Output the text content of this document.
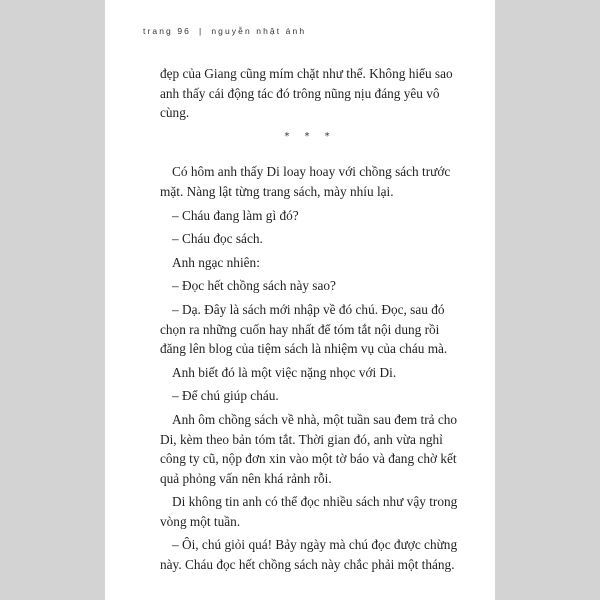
trang 96 | nguyễn nhật ánh

đẹp của Giang cũng mím chặt như thế. Không hiểu sao anh thấy cái động tác đó trông nũng nịu đáng yêu vô cùng.

* * *

Có hôm anh thấy Di loay hoay với chồng sách trước mặt. Nàng lật từng trang sách, mày nhíu lại.

– Cháu đang làm gì đó?

– Cháu đọc sách.

Anh ngạc nhiên:

– Đọc hết chồng sách này sao?

– Dạ. Đây là sách mới nhập về đó chú. Đọc, sau đó chọn ra những cuốn hay nhất để tóm tắt nội dung rồi đăng lên blog của tiệm sách là nhiệm vụ của cháu mà.

Anh biết đó là một việc nặng nhọc với Di.

– Để chú giúp cháu.

Anh ôm chồng sách về nhà, một tuần sau đem trả cho Di, kèm theo bản tóm tắt. Thời gian đó, anh vừa nghỉ công ty cũ, nộp đơn xin vào một tờ báo và đang chờ kết quả phỏng vấn nên khá rảnh rỗi.

Di không tin anh có thể đọc nhiều sách như vậy trong vòng một tuần.

– Ôi, chú giỏi quá! Bảy ngày mà chú đọc được chừng này. Cháu đọc hết chồng sách này chắc phải một tháng.
